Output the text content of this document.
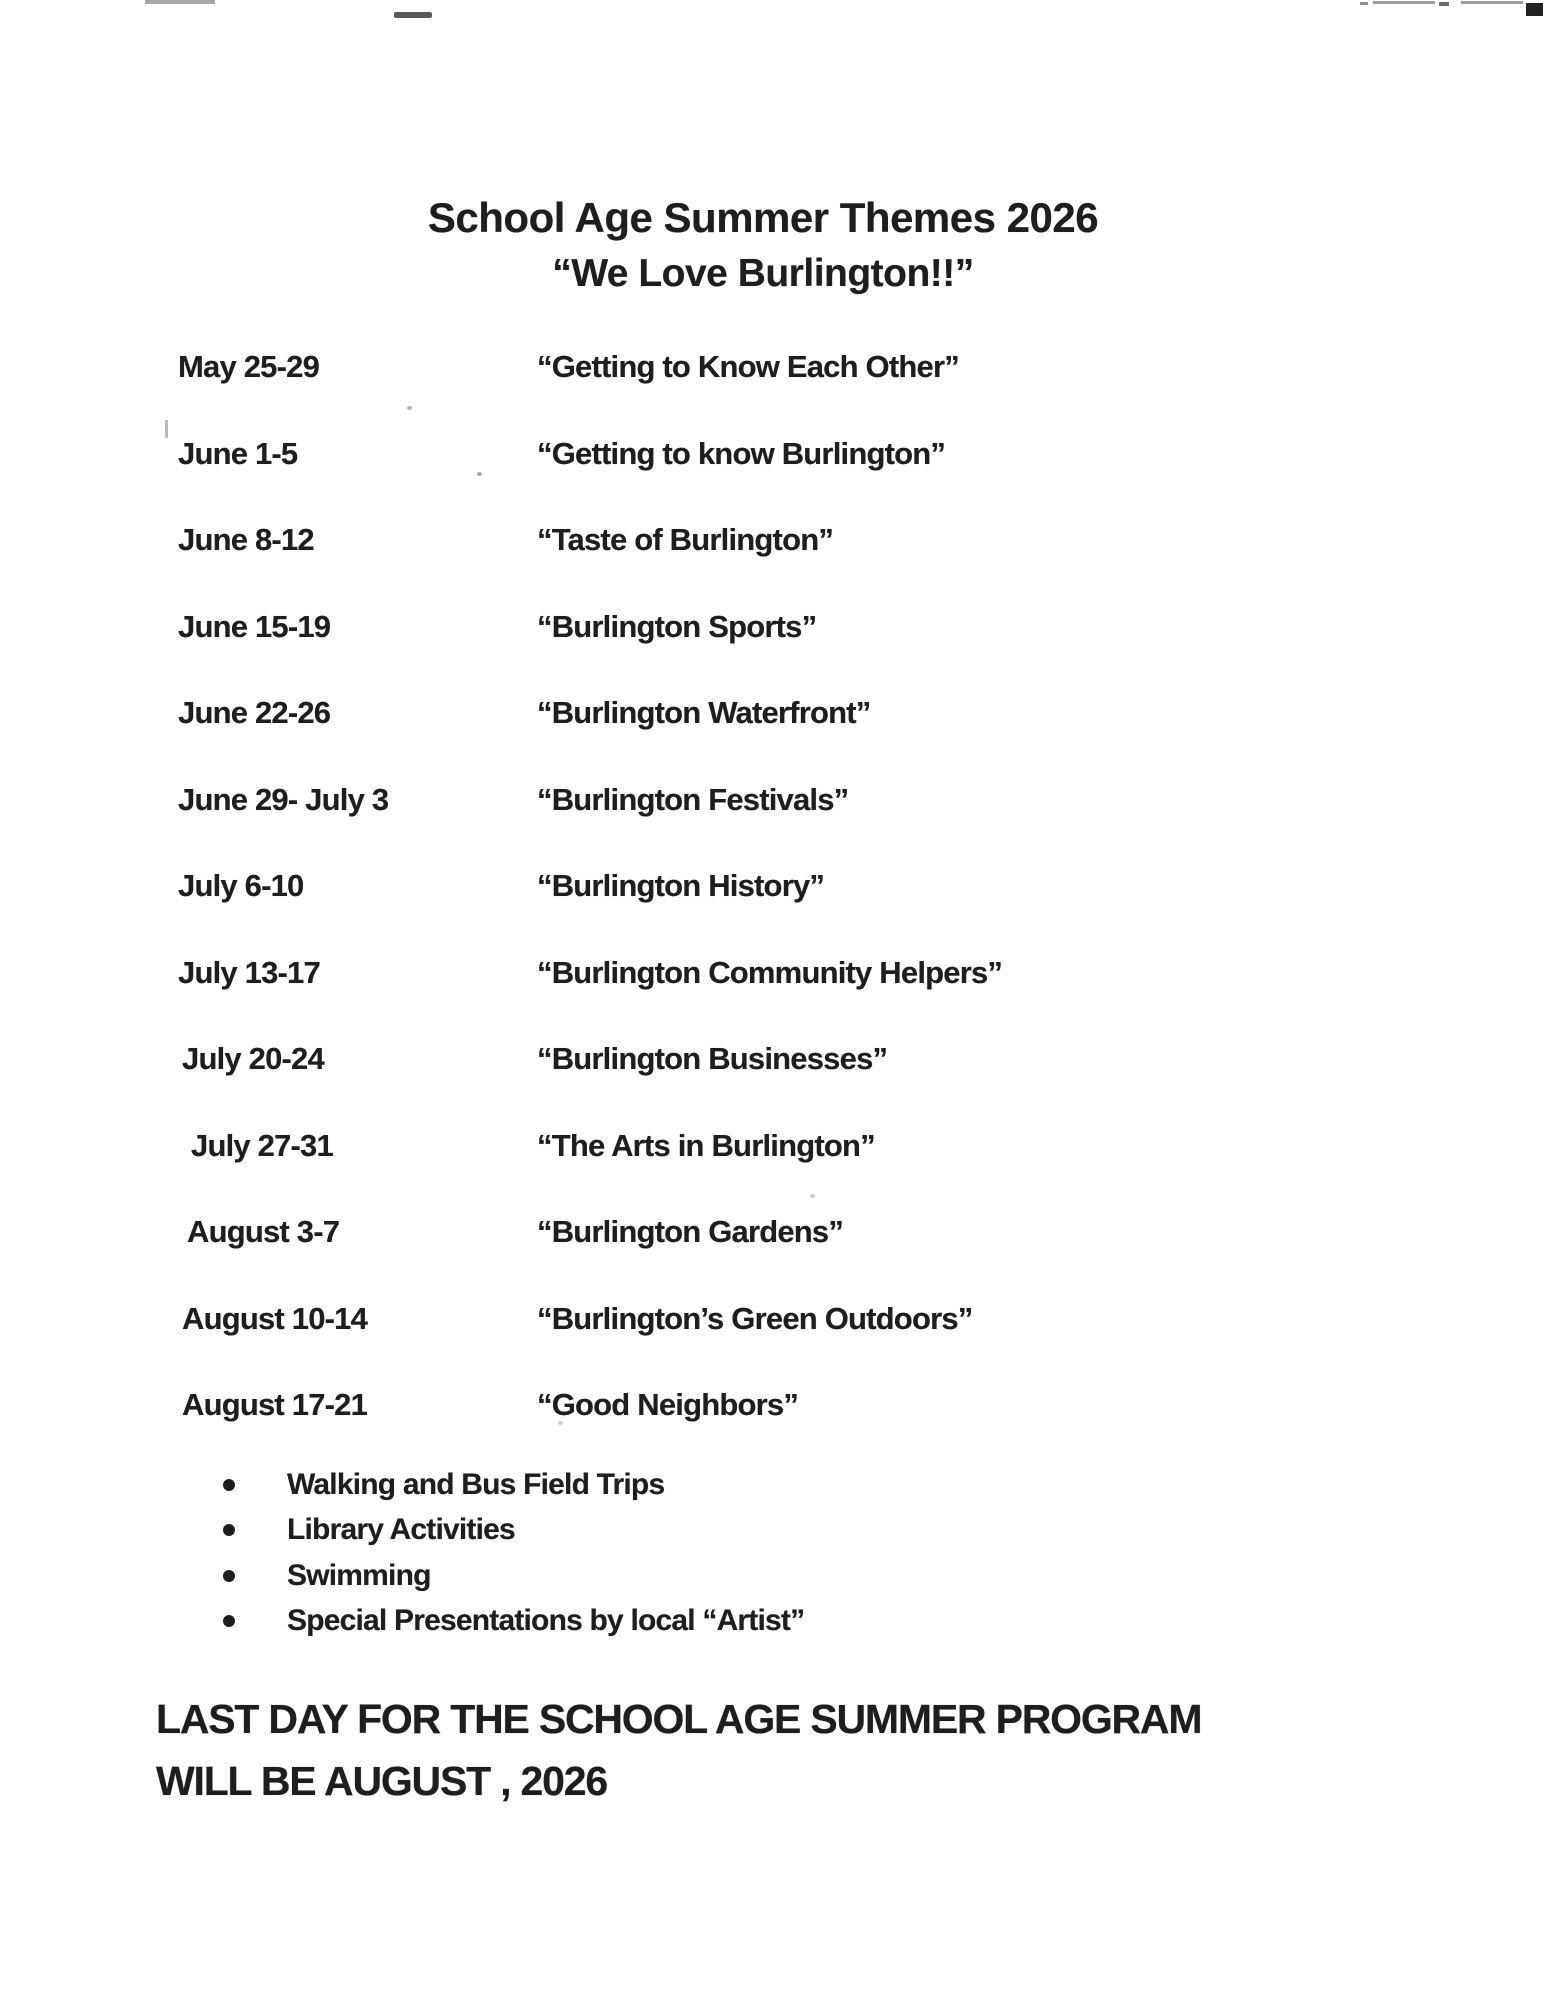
School Age Summer Themes 2026
“We Love Burlington!!”
May 25-29	“Getting to Know Each Other”
June 1-5	“Getting to know Burlington”
June 8-12	“Taste of Burlington”
June 15-19	“Burlington Sports”
June 22-26	“Burlington Waterfront”
June 29- July 3	“Burlington Festivals”
July 6-10	“Burlington History”
July 13-17	“Burlington Community Helpers”
July 20-24	“Burlington Businesses”
July 27-31	“The Arts in Burlington”
August 3-7	“Burlington Gardens”
August 10-14	“Burlington’s Green Outdoors”
August 17-21	“Good Neighbors”
Walking and Bus Field Trips
Library Activities
Swimming
Special Presentations by local “Artist”
LAST DAY FOR THE SCHOOL AGE SUMMER PROGRAM
WILL BE AUGUST , 2026
